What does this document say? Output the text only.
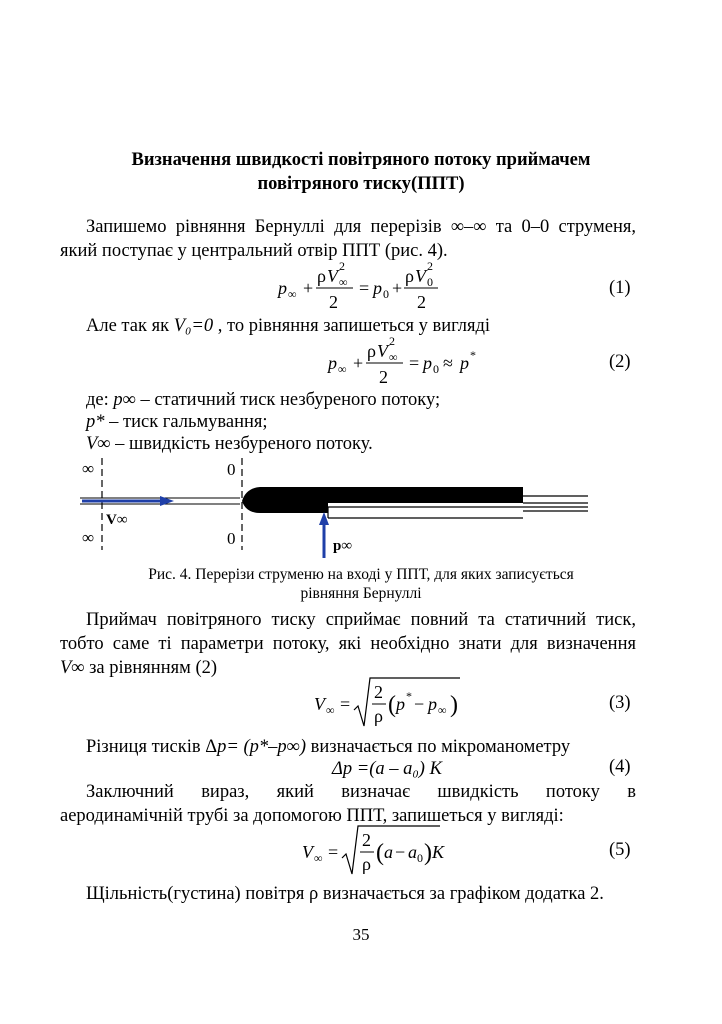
Визначення швидкості повітряного потоку приймачем
повітряного тиску(ППТ)
Запишемо рівняння Бернуллі для перерізів ∞–∞ та 0–0 струменя,
який поступає у центральний отвір ППТ (рис. 4).
p ∞ +
ρ V 2
∞
2
= p 0 +
ρ V 2
0
2
(1)
Але так як V₀=0 , то рівняння запишеться у вигляді
p ∞ +
ρ V 2
∞
2
= p 0 ≈ p *	(2)
де: p∞ – статичний тиск незбуреного потоку;
p* – тиск гальмування;
V∞ – швидкість незбуреного потоку.
∞
∞
0
0
V∞
p∞
Рис. 4. Перерізи струменю на вході у ППТ, для яких записується
рівняння Бернуллі
Приймач повітряного тиску сприймає повний та статичний тиск,
тобто саме ті параметри потоку, які необхідно знати для визначення
V∞ за рівнянням (2)
V ∞ =
2
ρ ( p * − p ∞ )	(3)
Різниця тисків Δp= (p*–p∞) визначається по мікроманометру
Δp =(a – a₀) K	(4)
Заключний вираз, який визначає швидкість потоку в
аеродинамічній трубі за допомогою ППТ, запишеться у вигляді:
V ∞ =
2
ρ ( a − a 0 ) K	(5)
Щільність(густина) повітря ρ визначається за графіком додатка 2.
35
